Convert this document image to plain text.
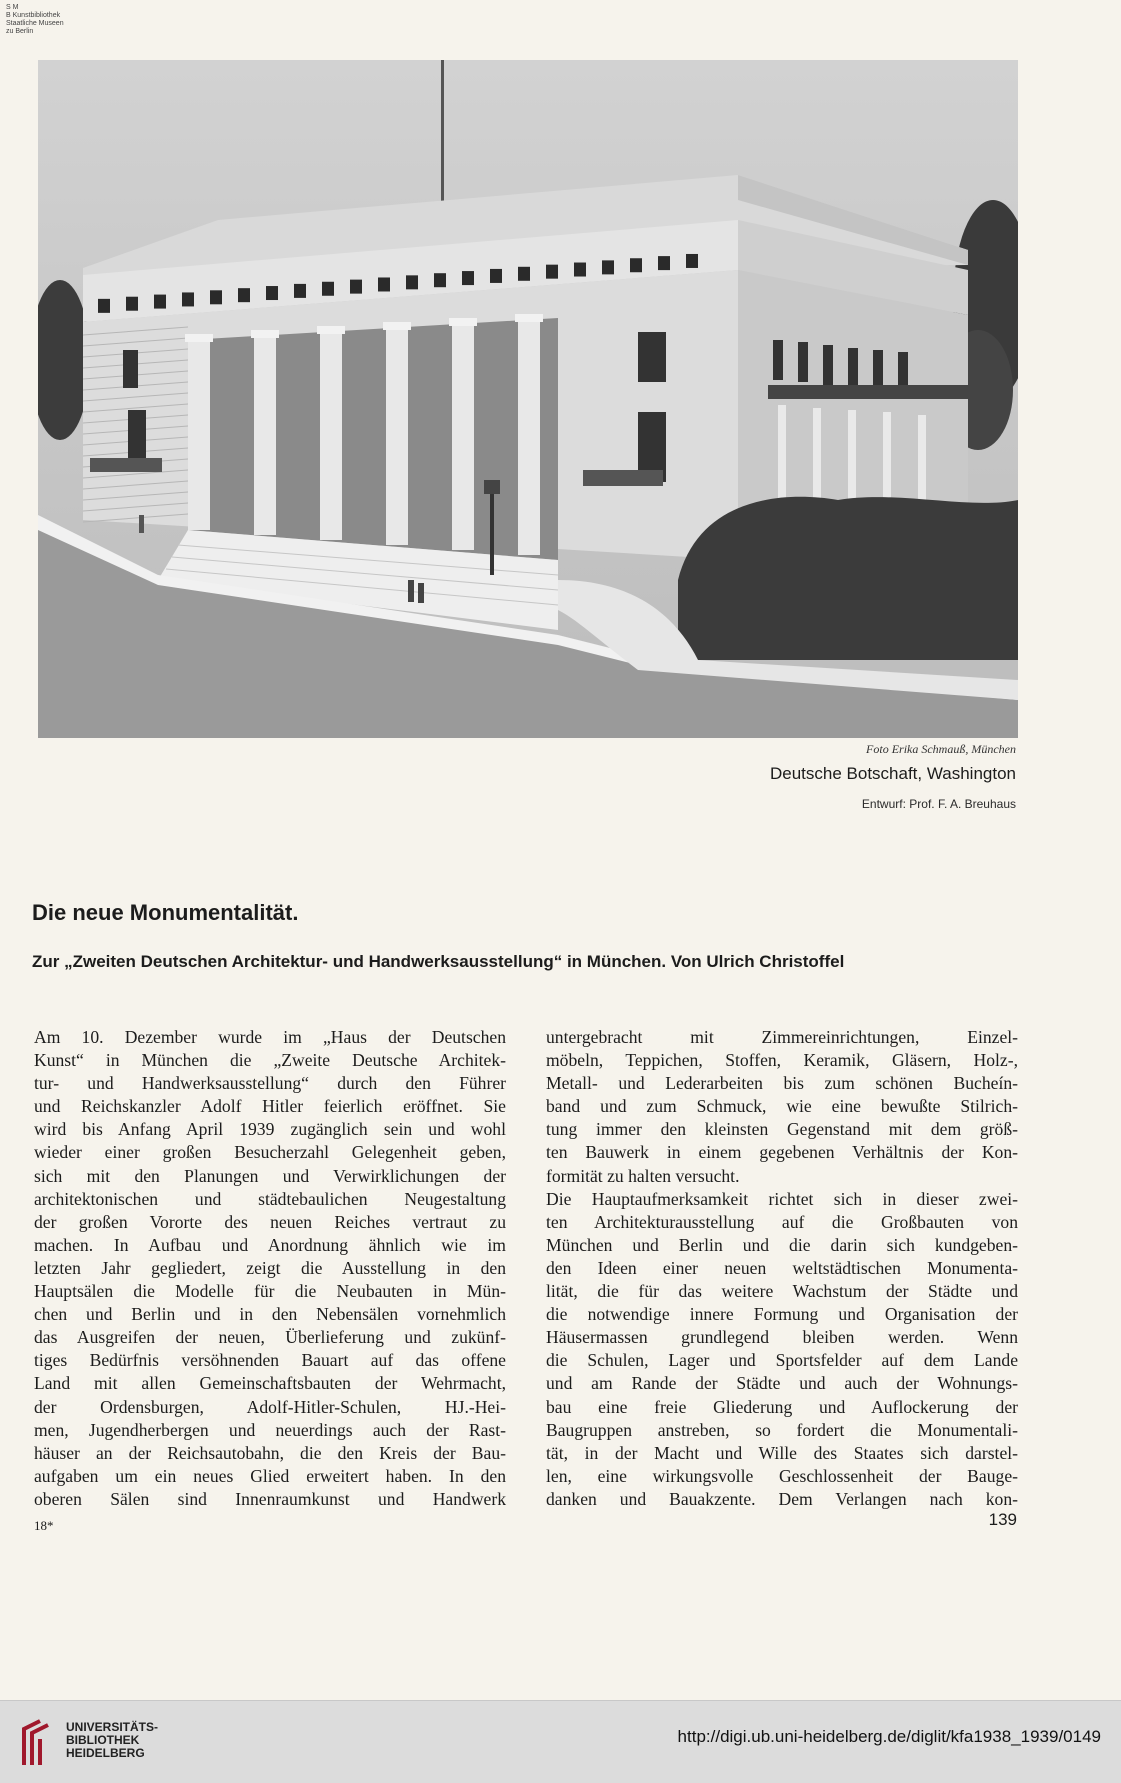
S M
B Kunstbibliothek
Staatliche Museen
zu Berlin
Foto Erika Schmauß, München
Deutsche Botschaft, Washington
Entwurf: Prof. F. A. Breuhaus
Die neue Monumentalität.
Zur „Zweiten Deutschen Architektur- und Handwerksausstellung“ in München. Von Ulrich Christoffel
Am 10. Dezember wurde im „Haus der Deutschen
Kunst“ in München die „Zweite Deutsche Architek-
tur- und Handwerksausstellung“ durch den Führer
und Reichskanzler Adolf Hitler feierlich eröffnet. Sie
wird bis Anfang April 1939 zugänglich sein und wohl
wieder einer großen Besucherzahl Gelegenheit geben,
sich mit den Planungen und Verwirklichungen der
architektonischen und städtebaulichen Neugestaltung
der großen Vororte des neuen Reiches vertraut zu
machen. In Aufbau und Anordnung ähnlich wie im
letzten Jahr gegliedert, zeigt die Ausstellung in den
Hauptsälen die Modelle für die Neubauten in Mün-
chen und Berlin und in den Nebensälen vornehmlich
das Ausgreifen der neuen, Überlieferung und zukünf-
tiges Bedürfnis versöhnenden Bauart auf das offene
Land mit allen Gemeinschaftsbauten der Wehrmacht,
der Ordensburgen, Adolf-Hitler-Schulen, HJ.-Hei-
men, Jugendherbergen und neuerdings auch der Rast-
häuser an der Reichsautobahn, die den Kreis der Bau-
aufgaben um ein neues Glied erweitert haben. In den
oberen Sälen sind Innenraumkunst und Handwerk
untergebracht mit Zimmereinrichtungen, Einzel-
möbeln, Teppichen, Stoffen, Keramik, Gläsern, Holz-,
Metall- und Lederarbeiten bis zum schönen Bucheín-
band und zum Schmuck, wie eine bewußte Stilrich-
tung immer den kleinsten Gegenstand mit dem größ-
ten Bauwerk in einem gegebenen Verhältnis der Kon-
formität zu halten versucht.
Die Hauptaufmerksamkeit richtet sich in dieser zwei-
ten Architekturausstellung auf die Großbauten von
München und Berlin und die darin sich kundgeben-
den Ideen einer neuen weltstädtischen Monumenta-
lität, die für das weitere Wachstum der Städte und
die notwendige innere Formung und Organisation der
Häusermassen grundlegend bleiben werden. Wenn
die Schulen, Lager und Sportsfelder auf dem Lande
und am Rande der Städte und auch der Wohnungs-
bau eine freie Gliederung und Auflockerung der
Baugruppen anstreben, so fordert die Monumentali-
tät, in der Macht und Wille des Staates sich darstel-
len, eine wirkungsvolle Geschlossenheit der Bauge-
danken und Bauakzente. Dem Verlangen nach kon-
18*	139
UNIVERSITÄTS-
BIBLIOTHEK
HEIDELBERG
http://digi.ub.uni-heidelberg.de/diglit/kfa1938_1939/0149
